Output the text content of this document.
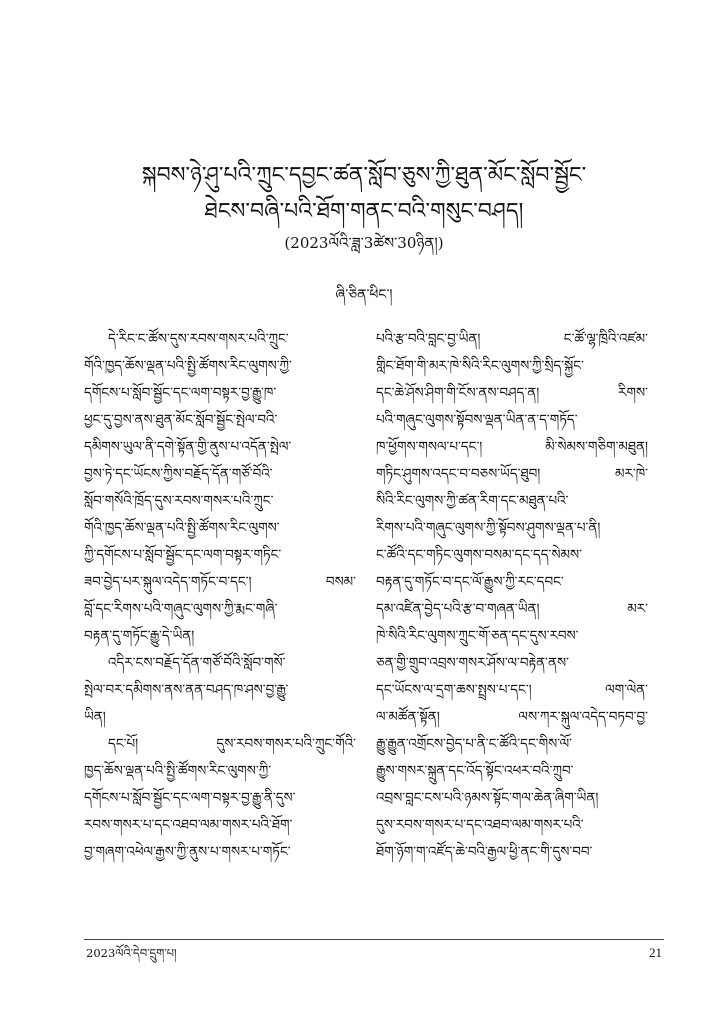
སྐབས་ཉེ་ཤུ་པའི་ཀྲུང་དབྱང་ཚན་སློབ་ཅུས་ཀྱི་ཐུན་མོང་སློབ་སྦྱོང་
ཐེངས་བཞི་པའི་ཐོག་གནང་བའི་གསུང་བཤད།
(2023ལོའི་ཟླ་3ཚེས་30ཉིན།)
ཞི་ཅིན་ཕིང་།
དེ་རིང་ང་ཚོས་དུས་རབས་གསར་པའི་ཀྲུང་
གོའི་ཁྱད་ཆོས་ལྡན་པའི་སྤྱི་ཚོགས་རིང་ལུགས་ཀྱི་
དགོངས་པ་སློབ་སྦྱོང་དང་ལག་བསྟར་བྱ་རྒྱུ་ཁ་
ཕྱང་དུ་བྱས་ནས་ཐུན་མོང་སློབ་སྦྱོང་སྤེལ་བའི་
དམིགས་ཡུལ་ནི་དགེ་སྟོན་གྱི་ནུས་པ་འདོན་སྤེལ་
བྱས་ཏེ་དང་ཡོངས་ཀྱིས་བརྗོད་དོན་གཙོ་བོའི་
སློབ་གསོའི་ཁྲོད་དུས་རབས་གསར་པའི་ཀྲུང་
གོའི་ཁྱད་ཆོས་ལྡན་པའི་སྤྱི་ཚོགས་རིང་ལུགས་
ཀྱི་དགོངས་པ་སློབ་སྦྱོང་དང་ལག་བསྟར་གཏིང་
ཟབ་བྱེད་པར་སྐུལ་འདེད་གཏོང་བ་དང་། བསམ་
བློ་དང་རིགས་པའི་གཞུང་ལུགས་ཀྱི་རྨང་གཞི་
བརྟན་དུ་གཏོང་རྒྱུ་དེ་ཡིན།
འདིར་ངས་བརྗོད་དོན་གཙོ་བོའི་སློབ་གསོ་
སྤེལ་བར་དམིགས་ནས་ནན་བཤད་ཁ་ཤས་བྱ་རྒྱུ་
ཡིན།
དང་པོ། དུས་རབས་གསར་པའི་ཀྲུང་གོའི་
ཁྱད་ཆོས་ལྡན་པའི་སྤྱི་ཚོགས་རིང་ལུགས་ཀྱི་
དགོངས་པ་སློབ་སྦྱོང་དང་ལག་བསྟར་བྱ་རྒྱུ་ནི་དུས་
རབས་གསར་པ་དང་འཐབ་ལམ་གསར་པའི་ཐོག་
བྱ་གཞག་འཕེལ་རྒྱས་ཀྱི་ནུས་པ་གསར་པ་གཏོང་
པའི་རྩ་བའི་བླང་བྱ་ཡིན། ང་ཚོ་ལྷ་ཁྲིའི་འཛམ་
གླིང་ཐོག་གི་མར་ཁེ་སིའི་རིང་ལུགས་ཀྱི་སྲིད་སྐྱོང་
དང་ཆེ་ཤོས་ཤིག་གི་ངོས་ནས་བཤད་ན། རིགས་
པའི་གཞུང་ལུགས་སྟོབས་ལྡན་ཡིན་ན་ད་གཏོད་
ཁ་ཕྱོགས་གསལ་པ་དང་། མི་སེམས་གཅིག་མཐུན།
གཏིང་ཤུགས་འདང་བ་བཅས་ཡོད་ཐུབ། མར་ཁེ་
སིའི་རིང་ལུགས་ཀྱི་ཚན་རིག་དང་མཐུན་པའི་
རིགས་པའི་གཞུང་ལུགས་ཀྱི་སྟོབས་ཤུགས་ལྡན་པ་ནི།
ང་ཚོའི་དང་གཏིང་ལུགས་བསམ་དང་དད་སེམས་
བརྟན་དུ་གཏོང་བ་དང་ལོ་རྒྱུས་ཀྱི་རང་དབང་
དམ་འཛིན་བྱེད་པའི་རྩ་བ་གཞན་ཡིན། མར་
ཁེ་སིའི་རིང་ལུགས་ཀྲུང་གོ་ཅན་དང་དུས་རབས་
ཅན་གྱི་གྲུབ་འབྲས་གསར་ཤོས་ལ་བརྟེན་ནས་
དང་ཡོངས་ལ་དྲག་ཆས་སྤྲས་པ་དང་། ལག་ལེན་
ལ་མཚོན་སྟོན། ལས་ཀར་སྐུལ་འདེད་བཏབ་བྱ་
རྒྱུ་རྒྱུན་འགྲོངས་བྱེད་པ་ནི་ང་ཚོའི་དང་གིས་ལོ་
རྒྱུས་གསར་སྐྲུན་དང་འོད་སྟོང་འཕར་བའི་ཀྲུབ་
འབྲས་བླང་ངས་པའི་ཉམས་སྟོང་གལ་ཆེན་ཞིག་ཡིན།
དུས་རབས་གསར་པ་དང་འཐབ་ལམ་གསར་པའི་
ཐོག་ཉོག་ག་འཛོད་ཆེ་བའི་རྒྱལ་ཕྱི་ནང་གི་དུས་བབ་
2023ལོའི་དེབ་དྲུག་པ།	21
